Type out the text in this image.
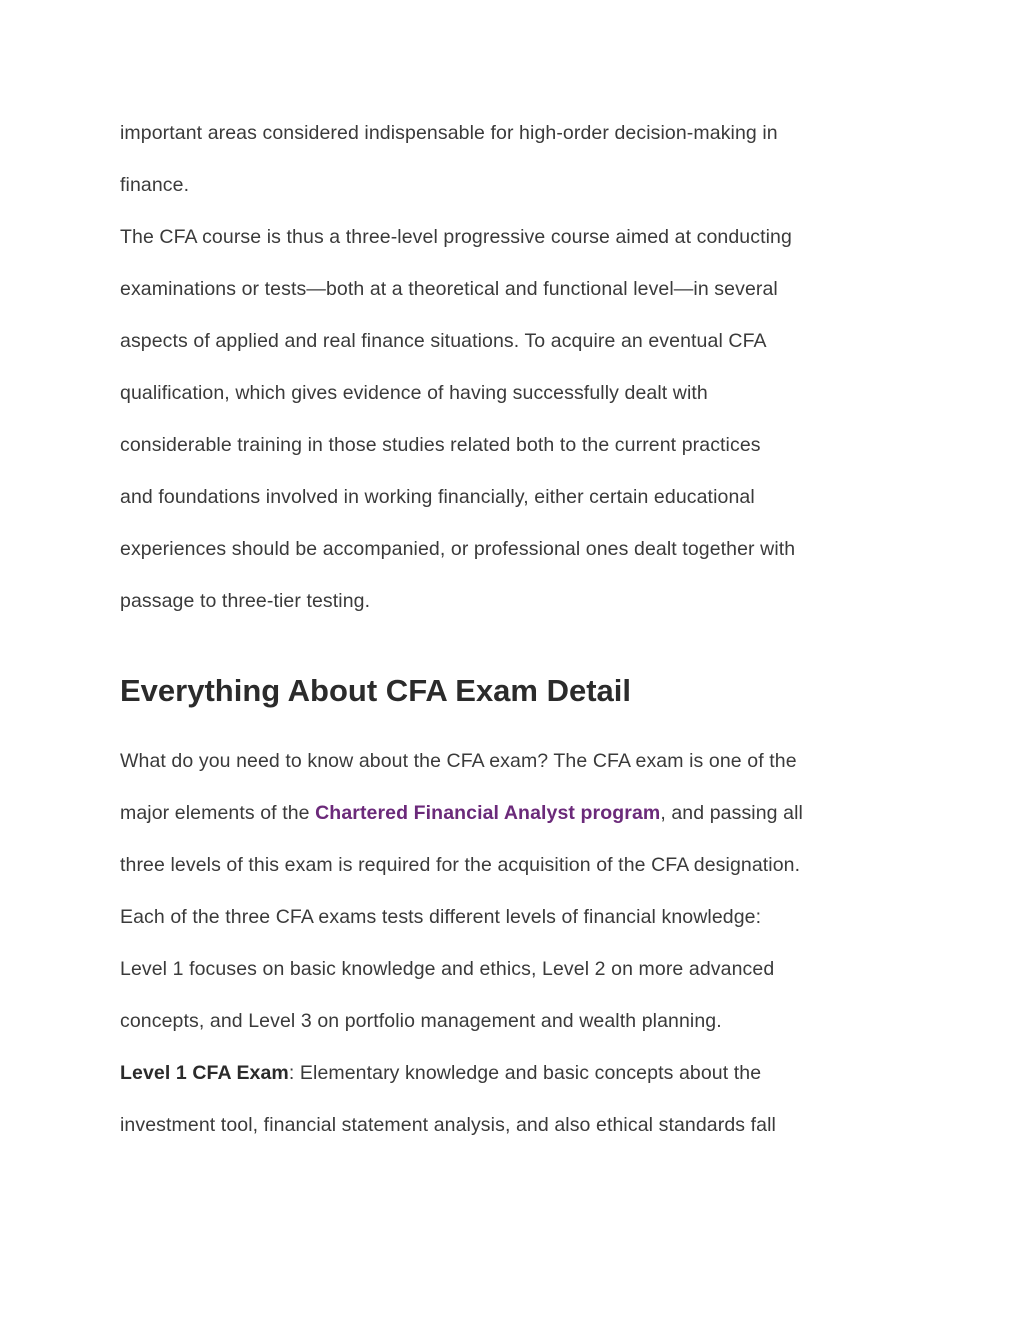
important areas considered indispensable for high-order decision-making in
finance.
The CFA course is thus a three-level progressive course aimed at conducting
examinations or tests—both at a theoretical and functional level—in several
aspects of applied and real finance situations. To acquire an eventual CFA
qualification, which gives evidence of having successfully dealt with
considerable training in those studies related both to the current practices
and foundations involved in working financially, either certain educational
experiences should be accompanied, or professional ones dealt together with
passage to three-tier testing.
Everything About CFA Exam Detail
What do you need to know about the CFA exam? The CFA exam is one of the
major elements of the Chartered Financial Analyst program, and passing all
three levels of this exam is required for the acquisition of the CFA designation.
Each of the three CFA exams tests different levels of financial knowledge:
Level 1 focuses on basic knowledge and ethics, Level 2 on more advanced
concepts, and Level 3 on portfolio management and wealth planning.
Level 1 CFA Exam: Elementary knowledge and basic concepts about the
investment tool, financial statement analysis, and also ethical standards fall
